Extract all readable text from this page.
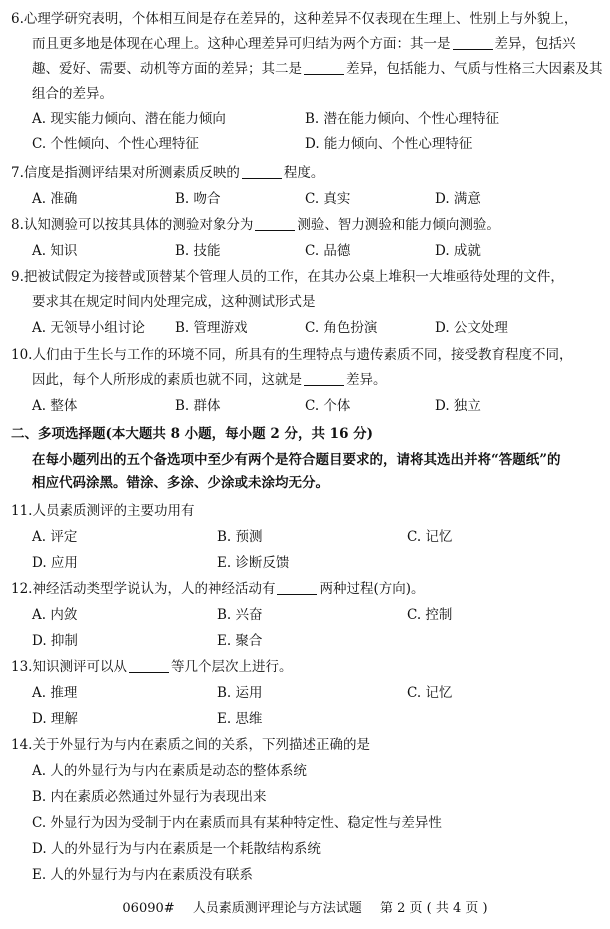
6.心理学研究表明，个体相互间是存在差异的，这种差异不仅表现在生理上、性别上与外貌上，
而且更多地是体现在心理上。这种心理差异可归结为两个方面：其一是	差异，包括兴
趣、爱好、需要、动机等方面的差异；其二是	差异，包括能力、气质与性格三大因素及其
组合的差异。
A. 现实能力倾向、潜在能力倾向	B. 潜在能力倾向、个性心理特征
C. 个性倾向、个性心理特征	D. 能力倾向、个性心理特征
7.信度是指测评结果对所测素质反映的	程度。
A. 准确	B. 吻合	C. 真实	D. 满意
8.认知测验可以按其具体的测验对象分为	测验、智力测验和能力倾向测验。
A. 知识	B. 技能	C. 品德	D. 成就
9.把被试假定为接替或顶替某个管理人员的工作，在其办公桌上堆积一大堆亟待处理的文件，
要求其在规定时间内处理完成，这种测试形式是
A. 无领导小组讨论 B. 管理游戏	C. 角色扮演	D. 公文处理
10.人们由于生长与工作的环境不同，所具有的生理特点与遗传素质不同，接受教育程度不同，
因此，每个人所形成的素质也就不同，这就是	差异。
A. 整体	B. 群体	C. 个体	D. 独立
二、多项选择题(本大题共 8 小题，每小题 2 分，共 16 分)
在每小题列出的五个备选项中至少有两个是符合题目要求的，请将其选出并将“答题纸”的
相应代码涂黑。错涂、多涂、少涂或未涂均无分。
11.人员素质测评的主要功用有
A. 评定	B. 预测	C. 记忆
D. 应用	E. 诊断反馈
12.神经活动类型学说认为，人的神经活动有	两种过程(方向)。
A. 内敛	B. 兴奋	C. 控制
D. 抑制	E. 聚合
13.知识测评可以从	等几个层次上进行。
A. 推理	B. 运用	C. 记忆
D. 理解	E. 思维
14.关于外显行为与内在素质之间的关系，下列描述正确的是
A. 人的外显行为与内在素质是动态的整体系统
B. 内在素质必然通过外显行为表现出来
C. 外显行为因为受制于内在素质而具有某种特定性、稳定性与差异性
D. 人的外显行为与内在素质是一个耗散结构系统
E. 人的外显行为与内在素质没有联系
06090# 人员素质测评理论与方法试题 第 2 页 ( 共 4 页 )
